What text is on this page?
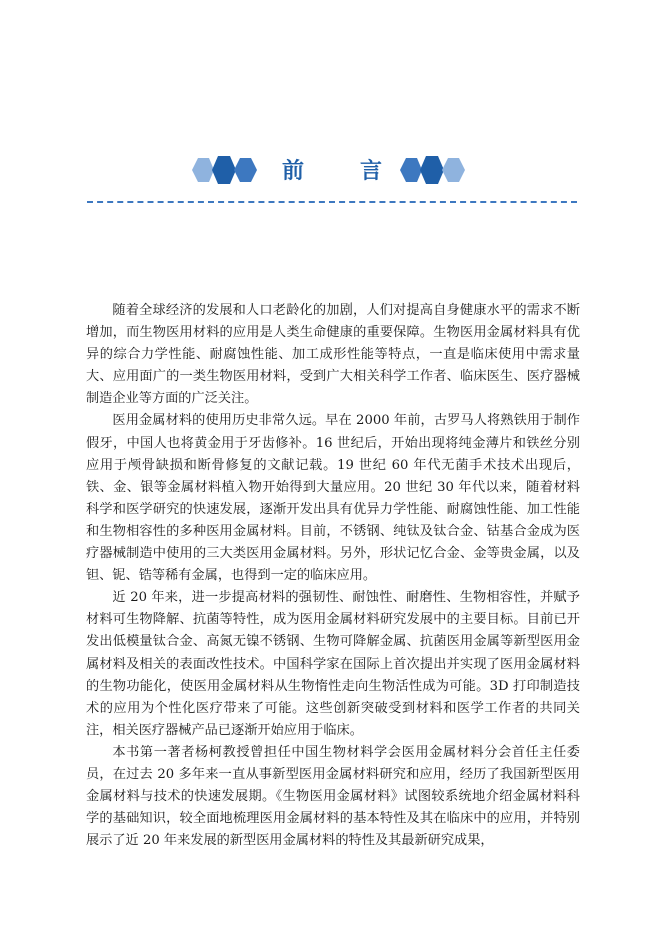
前	言

随着全球经济的发展和人口老龄化的加剧，人们对提高自身健康水平的需求不断增加，而生物医用材料的应用是人类生命健康的重要保障。生物医用金属材料具有优异的综合力学性能、耐腐蚀性能、加工成形性能等特点，一直是临床使用中需求量大、应用面广的一类生物医用材料，受到广大相关科学工作者、临床医生、医疗器械制造企业等方面的广泛关注。

医用金属材料的使用历史非常久远。早在 2000 年前，古罗马人将熟铁用于制作假牙，中国人也将黄金用于牙齿修补。16 世纪后，开始出现将纯金薄片和铁丝分别应用于颅骨缺损和断骨修复的文献记载。19 世纪 60 年代无菌手术技术出现后，铁、金、银等金属材料植入物开始得到大量应用。20 世纪 30 年代以来，随着材料科学和医学研究的快速发展，逐渐开发出具有优异力学性能、耐腐蚀性能、加工性能和生物相容性的多种医用金属材料。目前，不锈钢、纯钛及钛合金、钴基合金成为医疗器械制造中使用的三大类医用金属材料。另外，形状记忆合金、金等贵金属，以及钽、铌、锆等稀有金属，也得到一定的临床应用。

近 20 年来，进一步提高材料的强韧性、耐蚀性、耐磨性、生物相容性，并赋予材料可生物降解、抗菌等特性，成为医用金属材料研究发展中的主要目标。目前已开发出低模量钛合金、高氮无镍不锈钢、生物可降解金属、抗菌医用金属等新型医用金属材料及相关的表面改性技术。中国科学家在国际上首次提出并实现了医用金属材料的生物功能化，使医用金属材料从生物惰性走向生物活性成为可能。3D 打印制造技术的应用为个性化医疗带来了可能。这些创新突破受到材料和医学工作者的共同关注，相关医疗器械产品已逐渐开始应用于临床。

本书第一著者杨柯教授曾担任中国生物材料学会医用金属材料分会首任主任委员，在过去 20 多年来一直从事新型医用金属材料研究和应用，经历了我国新型医用金属材料与技术的快速发展期。《生物医用金属材料》试图较系统地介绍金属材料科学的基础知识，较全面地梳理医用金属材料的基本特性及其在临床中的应用，并特别展示了近 20 年来发展的新型医用金属材料的特性及其最新研究成果，
